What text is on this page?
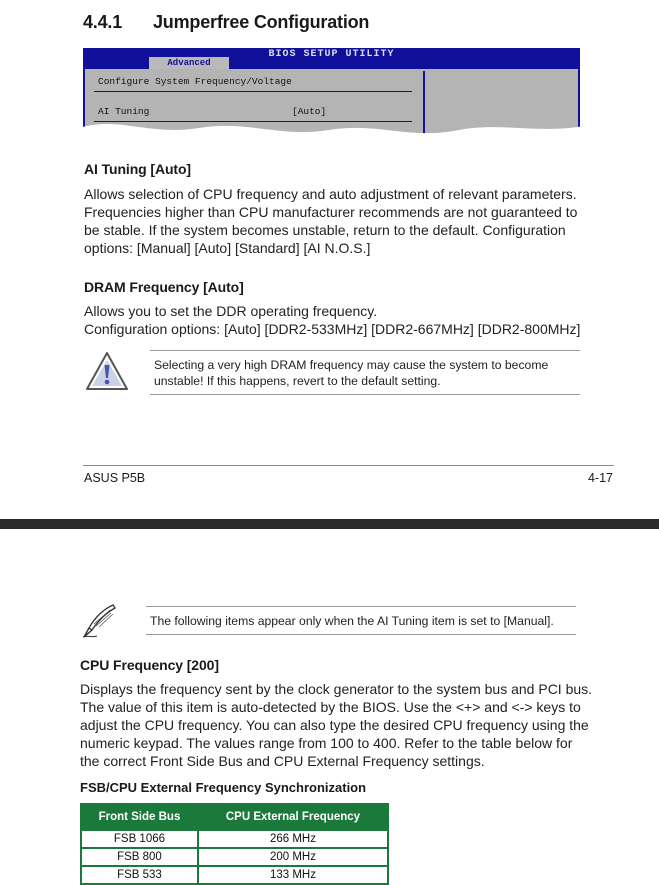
4.4.1 Jumperfree Configuration
BIOS SETUP UTILITY
Advanced
Configure System Frequency/Voltage
AI Tuning	[Auto]
AI Tuning [Auto]
Allows selection of CPU frequency and auto adjustment of relevant parameters.
Frequencies higher than CPU manufacturer recommends are not guaranteed to
be stable. If the system becomes unstable, return to the default. Configuration
options: [Manual] [Auto] [Standard] [AI N.O.S.]
DRAM Frequency [Auto]
Allows you to set the DDR operating frequency.
Configuration options: [Auto] [DDR2-533MHz] [DDR2-667MHz] [DDR2-800MHz]
Selecting a very high DRAM frequency may cause the system to become
unstable! If this happens, revert to the default setting.
ASUS P5B	4-17
The following items appear only when the AI Tuning item is set to [Manual].
CPU Frequency [200]
Displays the frequency sent by the clock generator to the system bus and PCI bus.
The value of this item is auto-detected by the BIOS. Use the <+> and <-> keys to
adjust the CPU frequency. You can also type the desired CPU frequency using the
numeric keypad. The values range from 100 to 400. Refer to the table below for
the correct Front Side Bus and CPU External Frequency settings.
FSB/CPU External Frequency Synchronization
Front Side Bus	CPU External Frequency
FSB 1066	266 MHz
FSB 800	200 MHz
FSB 533	133 MHz
